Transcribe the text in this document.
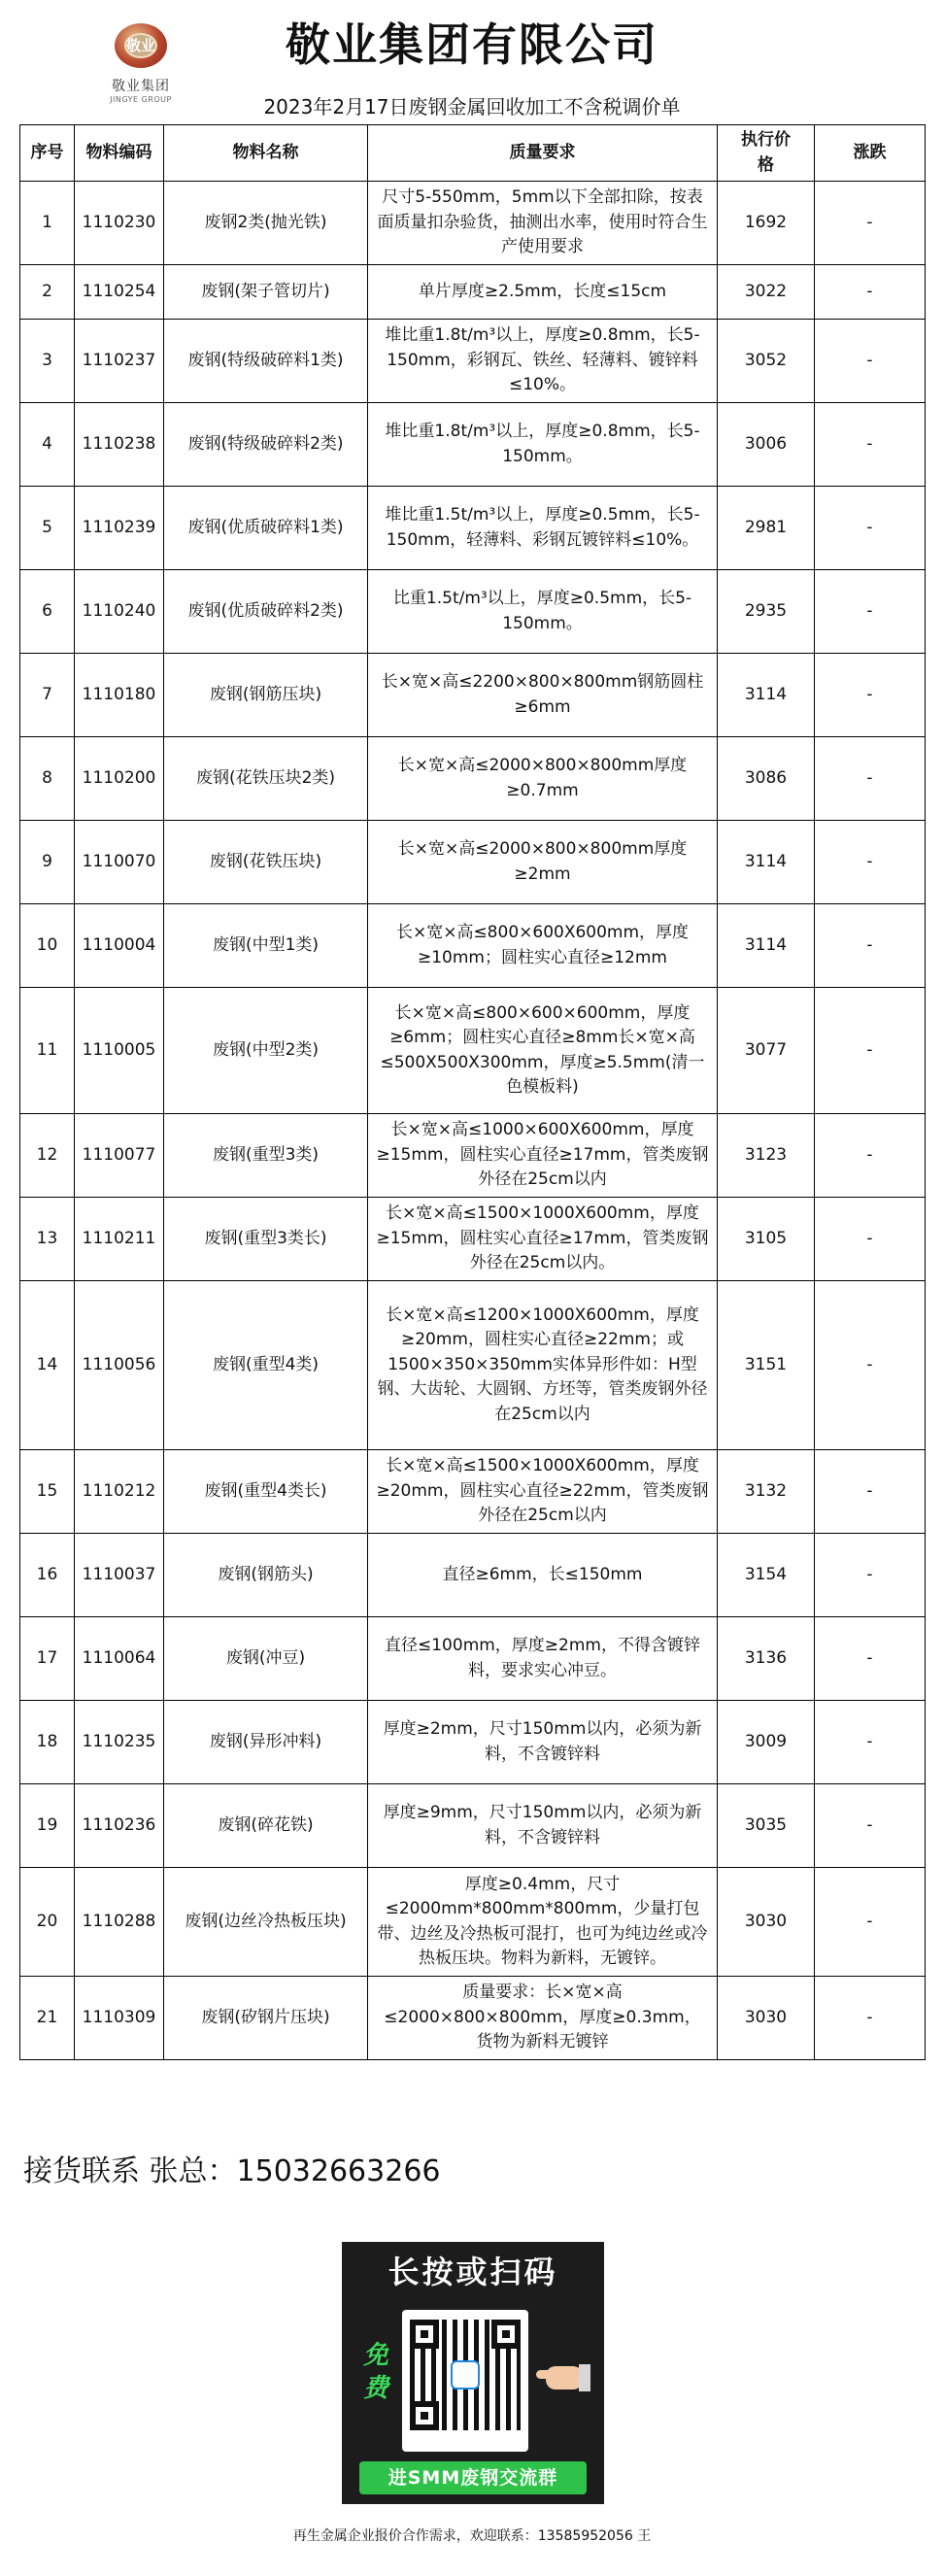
敬业
敬业集团
JINGYE GROUP
敬业集团有限公司
2023年2月17日废钢金属回收加工不含税调价单
序号	物料编码	物料名称	质量要求	执行价格	涨跌
1	1110230	废钢2类(抛光铁)	尺寸5-550mm，5mm以下全部扣除，按表面质量扣杂验货，抽测出水率，使用时符合生产使用要求	1692	-
2	1110254	废钢(架子管切片)	单片厚度≥2.5mm，长度≤15cm	3022	-
3	1110237	废钢(特级破碎料1类)	堆比重1.8t/m³以上，厚度≥0.8mm，长5-150mm，彩钢瓦、铁丝、轻薄料、镀锌料≤10%。	3052	-
4	1110238	废钢(特级破碎料2类)	堆比重1.8t/m³以上，厚度≥0.8mm，长5-150mm。	3006	-
5	1110239	废钢(优质破碎料1类)	堆比重1.5t/m³以上，厚度≥0.5mm，长5-150mm，轻薄料、彩钢瓦镀锌料≤10%。	2981	-
6	1110240	废钢(优质破碎料2类)	比重1.5t/m³以上，厚度≥0.5mm，长5-150mm。	2935	-
7	1110180	废钢(钢筋压块)	长×宽×高≤2200×800×800mm钢筋圆柱≥6mm	3114	-
8	1110200	废钢(花铁压块2类)	长×宽×高≤2000×800×800mm厚度≥0.7mm	3086	-
9	1110070	废钢(花铁压块)	长×宽×高≤2000×800×800mm厚度≥2mm	3114	-
10	1110004	废钢(中型1类)	长×宽×高≤800×600X600mm，厚度≥10mm；圆柱实心直径≥12mm	3114	-
11	1110005	废钢(中型2类)	长×宽×高≤800×600×600mm，厚度≥6mm；圆柱实心直径≥8mm长×宽×高≤500X500X300mm，厚度≥5.5mm(清一色模板料)	3077	-
12	1110077	废钢(重型3类)	长×宽×高≤1000×600X600mm，厚度≥15mm，圆柱实心直径≥17mm，管类废钢外径在25cm以内	3123	-
13	1110211	废钢(重型3类长)	长×宽×高≤1500×1000X600mm，厚度≥15mm，圆柱实心直径≥17mm，管类废钢外径在25cm以内。	3105	-
14	1110056	废钢(重型4类)	长×宽×高≤1200×1000X600mm，厚度≥20mm，圆柱实心直径≥22mm；或1500×350×350mm实体异形件如：H型钢、大齿轮、大圆钢、方坯等，管类废钢外径在25cm以内	3151	-
15	1110212	废钢(重型4类长)	长×宽×高≤1500×1000X600mm，厚度≥20mm，圆柱实心直径≥22mm，管类废钢外径在25cm以内	3132	-
16	1110037	废钢(钢筋头)	直径≥6mm，长≤150mm	3154	-
17	1110064	废钢(冲豆)	直径≤100mm，厚度≥2mm，不得含镀锌料，要求实心冲豆。	3136	-
18	1110235	废钢(异形冲料)	厚度≥2mm，尺寸150mm以内，必须为新料，不含镀锌料	3009	-
19	1110236	废钢(碎花铁)	厚度≥9mm，尺寸150mm以内，必须为新料，不含镀锌料	3035	-
20	1110288	废钢(边丝冷热板压块)	厚度≥0.4mm，尺寸≤2000mm*800mm*800mm，少量打包带、边丝及冷热板可混打，也可为纯边丝或冷热板压块。物料为新料，无镀锌。	3030	-
21	1110309	废钢(矽钢片压块)	质量要求：长×宽×高≤2000×800×800mm，厚度≥0.3mm，货物为新料无镀锌	3030	-
接货联系 张总：15032663266
长按或扫码
免费
进SMM废钢交流群
再生金属企业报价合作需求，欢迎联系：13585952056 王
